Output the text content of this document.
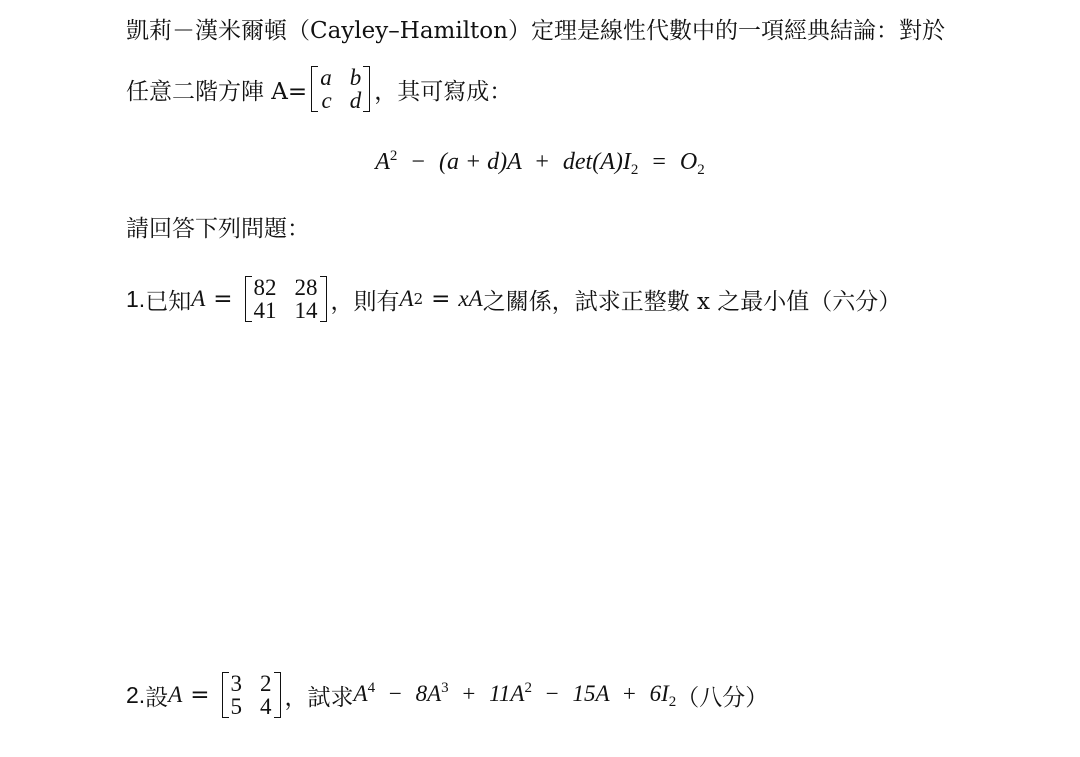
凱莉－漢米爾頓（Cayley–Hamilton）定理是線性代數中的一項經典結論：對於
任意二階方陣 A=
a b
c d ，其可寫成：
$A^2 - (a + d)A + \det(A)I_2 = O_2$
請回答下列問題：
1. 已知 A = 82 28
41 14 ，則有 A 2 = xA 之關係，試求正整數 x 之最小值（六分）
2. 設 A = 3 2
5 4 ，試求 $A^4 - 8A^3 + 11A^2 - 15A + 6I_2$ （八分）
